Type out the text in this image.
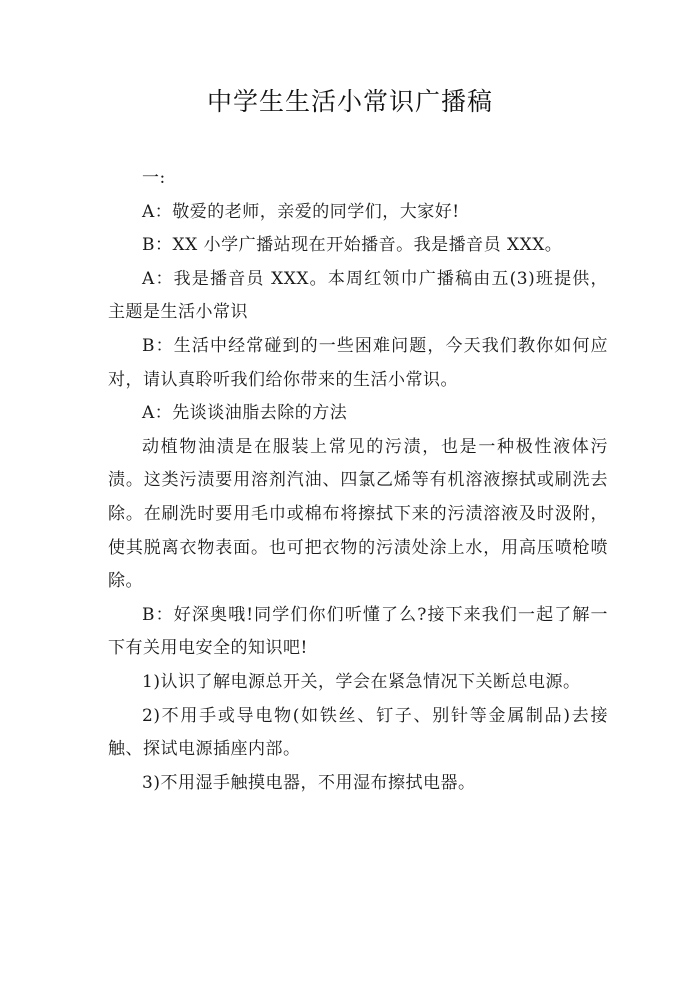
中学生生活小常识广播稿

一:

A：敬爱的老师，亲爱的同学们，大家好!

B：XX 小学广播站现在开始播音。我是播音员 XXX。

A：我是播音员 XXX。本周红领巾广播稿由五(3)班提供，主题是生活小常识

B：生活中经常碰到的一些困难问题，今天我们教你如何应对，请认真聆听我们给你带来的生活小常识。

A：先谈谈油脂去除的方法

动植物油渍是在服装上常见的污渍，也是一种极性液体污渍。这类污渍要用溶剂汽油、四氯乙烯等有机溶液擦拭或刷洗去除。在刷洗时要用毛巾或棉布将擦拭下来的污渍溶液及时汲附，使其脱离衣物表面。也可把衣物的污渍处涂上水，用高压喷枪喷除。

B：好深奥哦!同学们你们听懂了么?接下来我们一起了解一下有关用电安全的知识吧!

1)认识了解电源总开关，学会在紧急情况下关断总电源。

2)不用手或导电物(如铁丝、钉子、别针等金属制品)去接触、探试电源插座内部。

3)不用湿手触摸电器，不用湿布擦拭电器。
